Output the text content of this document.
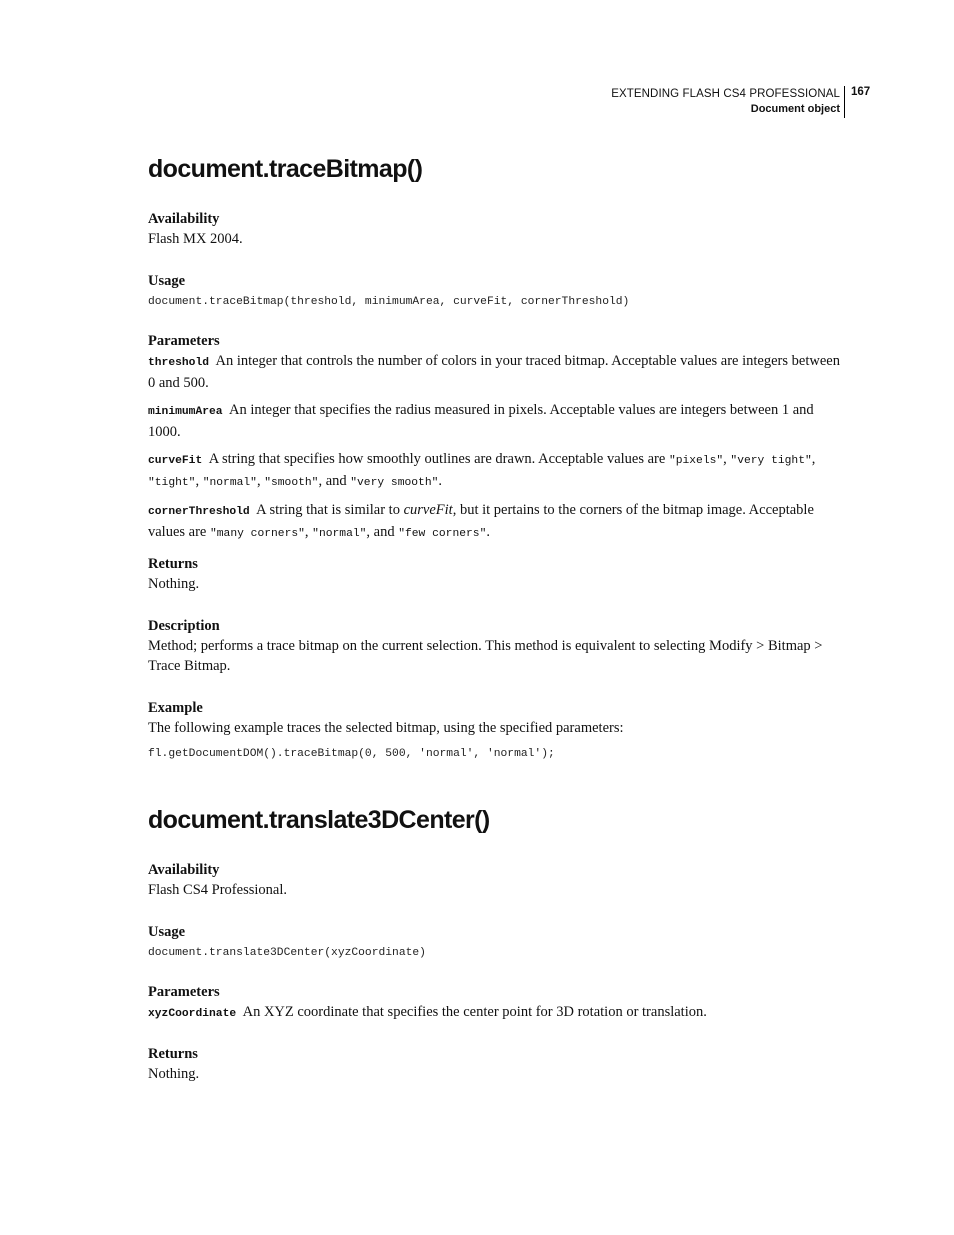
EXTENDING FLASH CS4 PROFESSIONAL
Document object
167
document.traceBitmap()
Availability
Flash MX 2004.
Usage
document.traceBitmap(threshold, minimumArea, curveFit, cornerThreshold)
Parameters
threshold An integer that controls the number of colors in your traced bitmap. Acceptable values are integers between 0 and 500.
minimumArea An integer that specifies the radius measured in pixels. Acceptable values are integers between 1 and 1000.
curveFit A string that specifies how smoothly outlines are drawn. Acceptable values are "pixels", "very tight", "tight", "normal", "smooth", and "very smooth".
cornerThreshold A string that is similar to curveFit, but it pertains to the corners of the bitmap image. Acceptable values are "many corners", "normal", and "few corners".
Returns
Nothing.
Description
Method; performs a trace bitmap on the current selection. This method is equivalent to selecting Modify > Bitmap > Trace Bitmap.
Example
The following example traces the selected bitmap, using the specified parameters:
fl.getDocumentDOM().traceBitmap(0, 500, 'normal', 'normal');
document.translate3DCenter()
Availability
Flash CS4 Professional.
Usage
document.translate3DCenter(xyzCoordinate)
Parameters
xyzCoordinate An XYZ coordinate that specifies the center point for 3D rotation or translation.
Returns
Nothing.
